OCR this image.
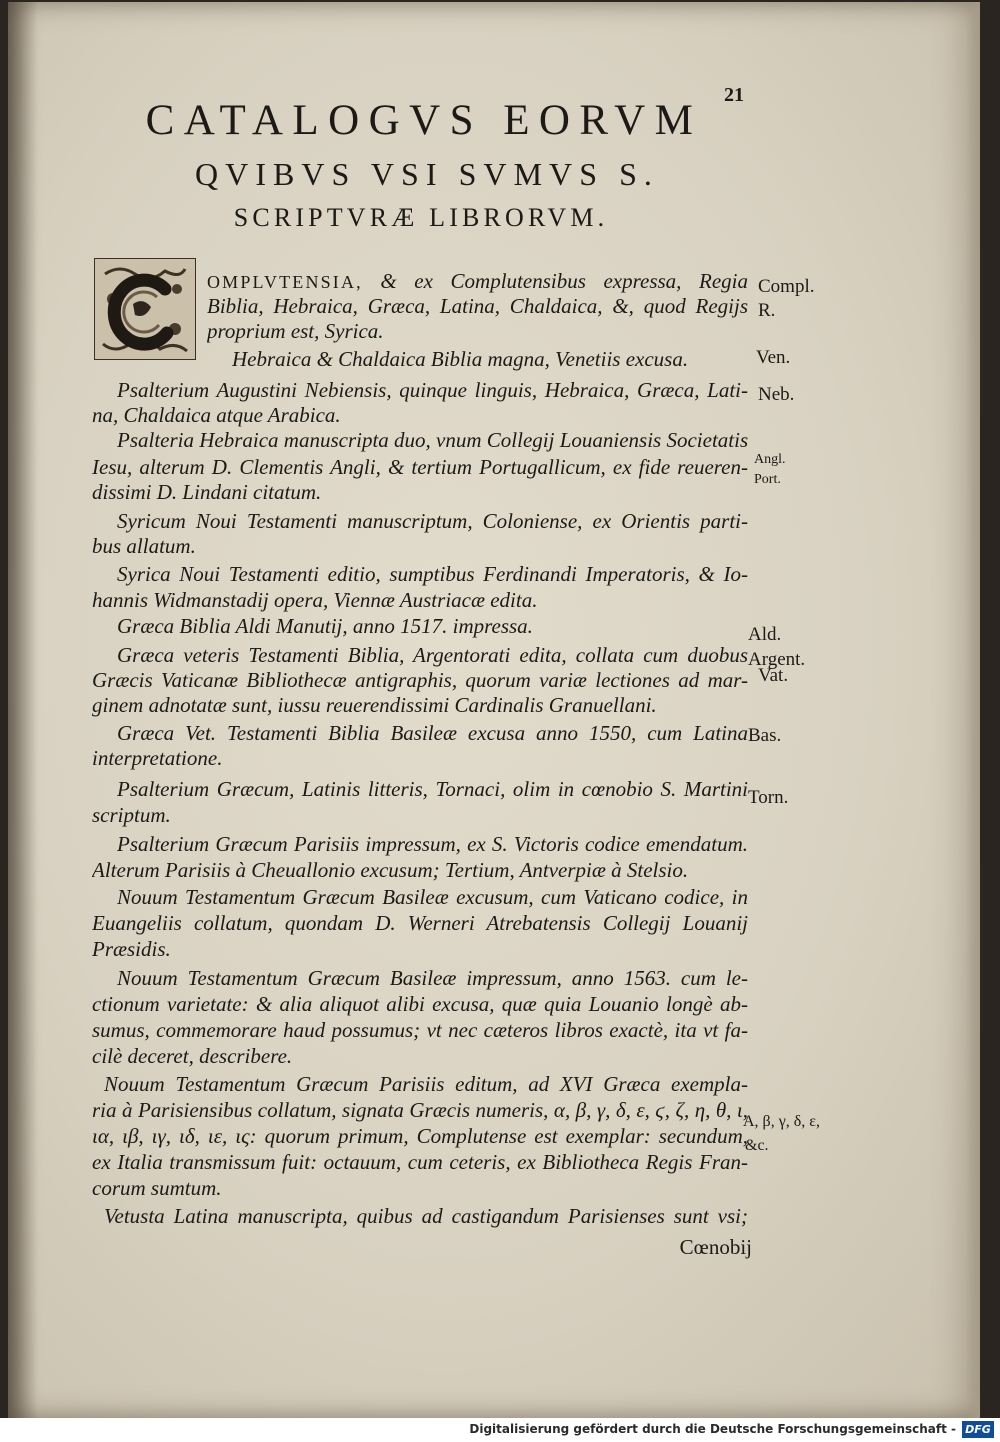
21
CATALOGVS EORVM
QVIBVS VSI SVMVS S.
SCRIPTVRÆ LIBRORVM.
OMPLVTENSIA, & ex Complutensibus expressa, Regia
Biblia, Hebraica, Græca, Latina, Chaldaica, &, quod Regijs
proprium est, Syrica.
Hebraica & Chaldaica Biblia magna, Venetiis excusa.
Psalterium Augustini Nebiensis, quinque linguis, Hebraica, Græca, Lati-
na, Chaldaica atque Arabica.
Psalteria Hebraica manuscripta duo, vnum Collegij Louaniensis Societatis
Iesu, alterum D. Clementis Angli, & tertium Portugallicum, ex fide reueren-
dissimi D. Lindani citatum.
Syricum Noui Testamenti manuscriptum, Coloniense, ex Orientis parti-
bus allatum.
Syrica Noui Testamenti editio, sumptibus Ferdinandi Imperatoris, & Io-
hannis Widmanstadij opera, Viennæ Austriacæ edita.
Græca Biblia Aldi Manutij, anno 1517. impressa.
Græca veteris Testamenti Biblia, Argentorati edita, collata cum duobus
Græcis Vaticanæ Bibliothecæ antigraphis, quorum variæ lectiones ad mar-
ginem adnotatæ sunt, iussu reuerendissimi Cardinalis Granuellani.
Græca Vet. Testamenti Biblia Basileæ excusa anno 1550, cum Latina
interpretatione.
Psalterium Græcum, Latinis litteris, Tornaci, olim in cœnobio S. Martini
scriptum.
Psalterium Græcum Parisiis impressum, ex S. Victoris codice emendatum.
Alterum Parisiis à Cheuallonio excusum; Tertium, Antverpiæ à Stelsio.
Nouum Testamentum Græcum Basileæ excusum, cum Vaticano codice, in
Euangeliis collatum, quondam D. Werneri Atrebatensis Collegij Louanij
Præsidis.
Nouum Testamentum Græcum Basileæ impressum, anno 1563. cum le-
ctionum varietate: & alia aliquot alibi excusa, quæ quia Louanio longè ab-
sumus, commemorare haud possumus; vt nec cæteros libros exactè, ita vt fa-
cilè deceret, describere.
Nouum Testamentum Græcum Parisiis editum, ad XVI Græca exempla-
ria à Parisiensibus collatum, signata Græcis numeris, α, β, γ, δ, ε, ϛ, ζ, η, θ, ι,
ια, ιβ, ιγ, ιδ, ιε, ις: quorum primum, Complutense est exemplar: secundum,
ex Italia transmissum fuit: octauum, cum ceteris, ex Bibliotheca Regis Fran-
corum sumtum.
Vetusta Latina manuscripta, quibus ad castigandum Parisienses sunt vsi;
Cœnobij
Compl.
R.
Ven.
Neb.
Angl.
Port.
Ald.
Argent.
Vat.
Bas.
Torn.
Α, β, γ, δ, ε,
&c.
Digitalisierung gefördert durch die Deutsche Forschungsgemeinschaft - DFG
